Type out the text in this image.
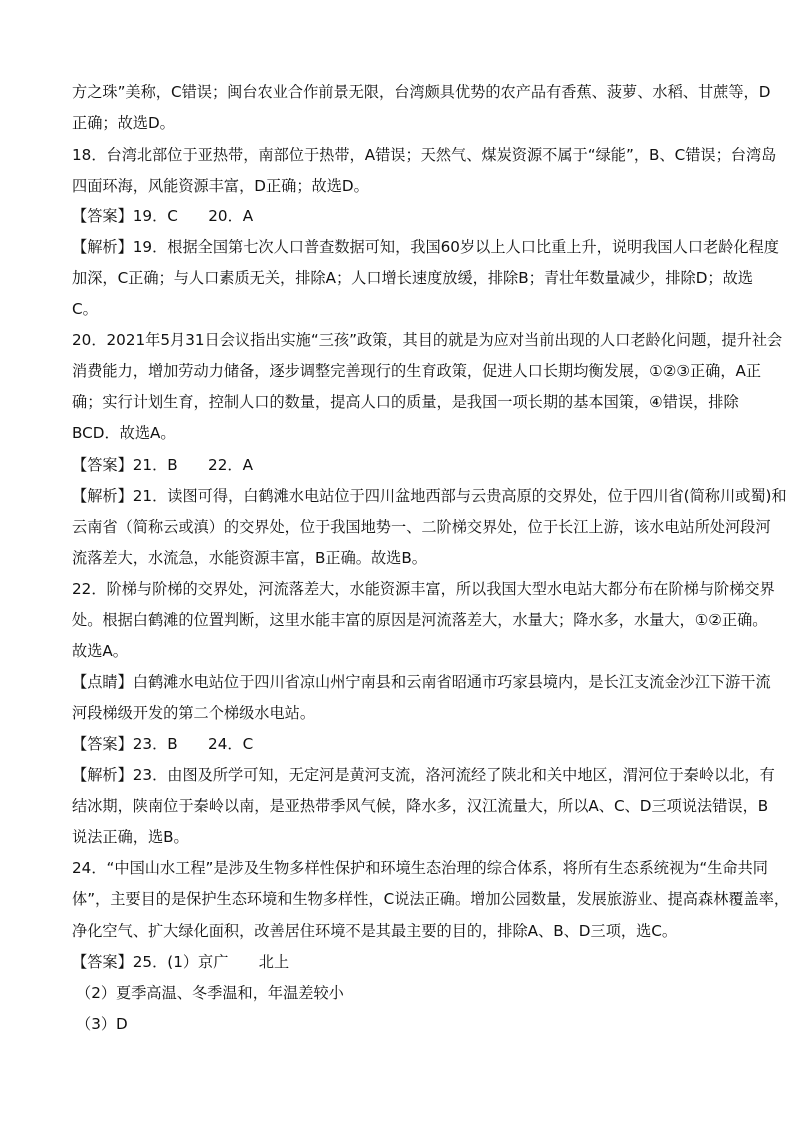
方之珠”美称，C错误；闽台农业合作前景无限，台湾颇具优势的农产品有香蕉、菠萝、水稻、甘蔗等，D
正确；故选D。
18．台湾北部位于亚热带，南部位于热带，A错误；天然气、煤炭资源不属于“绿能”，B、C错误；台湾岛
四面环海，风能资源丰富，D正确；故选D。
【答案】19．C　　20．A
【解析】19．根据全国第七次人口普查数据可知，我国60岁以上人口比重上升，说明我国人口老龄化程度
加深，C正确；与人口素质无关，排除A；人口增长速度放缓，排除B；青壮年数量减少，排除D；故选
C。
20．2021年5月31日会议指出实施“三孩”政策，其目的就是为应对当前出现的人口老龄化问题，提升社会
消费能力，增加劳动力储备，逐步调整完善现行的生育政策，促进人口长期均衡发展，①②③正确，A正
确；实行计划生育，控制人口的数量，提高人口的质量，是我国一项长期的基本国策，④错误，排除
BCD．故选A。
【答案】21．B　　22．A
【解析】21．读图可得，白鹤滩水电站位于四川盆地西部与云贵高原的交界处，位于四川省(简称川或蜀)和
云南省（简称云或滇）的交界处，位于我国地势一、二阶梯交界处，位于长江上游，该水电站所处河段河
流落差大，水流急，水能资源丰富，B正确。故选B。
22．阶梯与阶梯的交界处，河流落差大，水能资源丰富，所以我国大型水电站大都分布在阶梯与阶梯交界
处。根据白鹤滩的位置判断，这里水能丰富的原因是河流落差大，水量大；降水多，水量大，①②正确。
故选A。
【点睛】白鹤滩水电站位于四川省凉山州宁南县和云南省昭通市巧家县境内，是长江支流金沙江下游干流
河段梯级开发的第二个梯级水电站。
【答案】23．B　　24．C
【解析】23．由图及所学可知，无定河是黄河支流，洛河流经了陕北和关中地区，渭河位于秦岭以北，有
结冰期，陕南位于秦岭以南，是亚热带季风气候，降水多，汉江流量大，所以A、C、D三项说法错误，B
说法正确，选B。
24．“中国山水工程”是涉及生物多样性保护和环境生态治理的综合体系，将所有生态系统视为“生命共同
体”，主要目的是保护生态环境和生物多样性，C说法正确。增加公园数量，发展旅游业、提高森林覆盖率，
净化空气、扩大绿化面积，改善居住环境不是其最主要的目的，排除A、B、D三项，选C。
【答案】25．(1）京广　　北上
（2）夏季高温、冬季温和，年温差较小
（3）D
